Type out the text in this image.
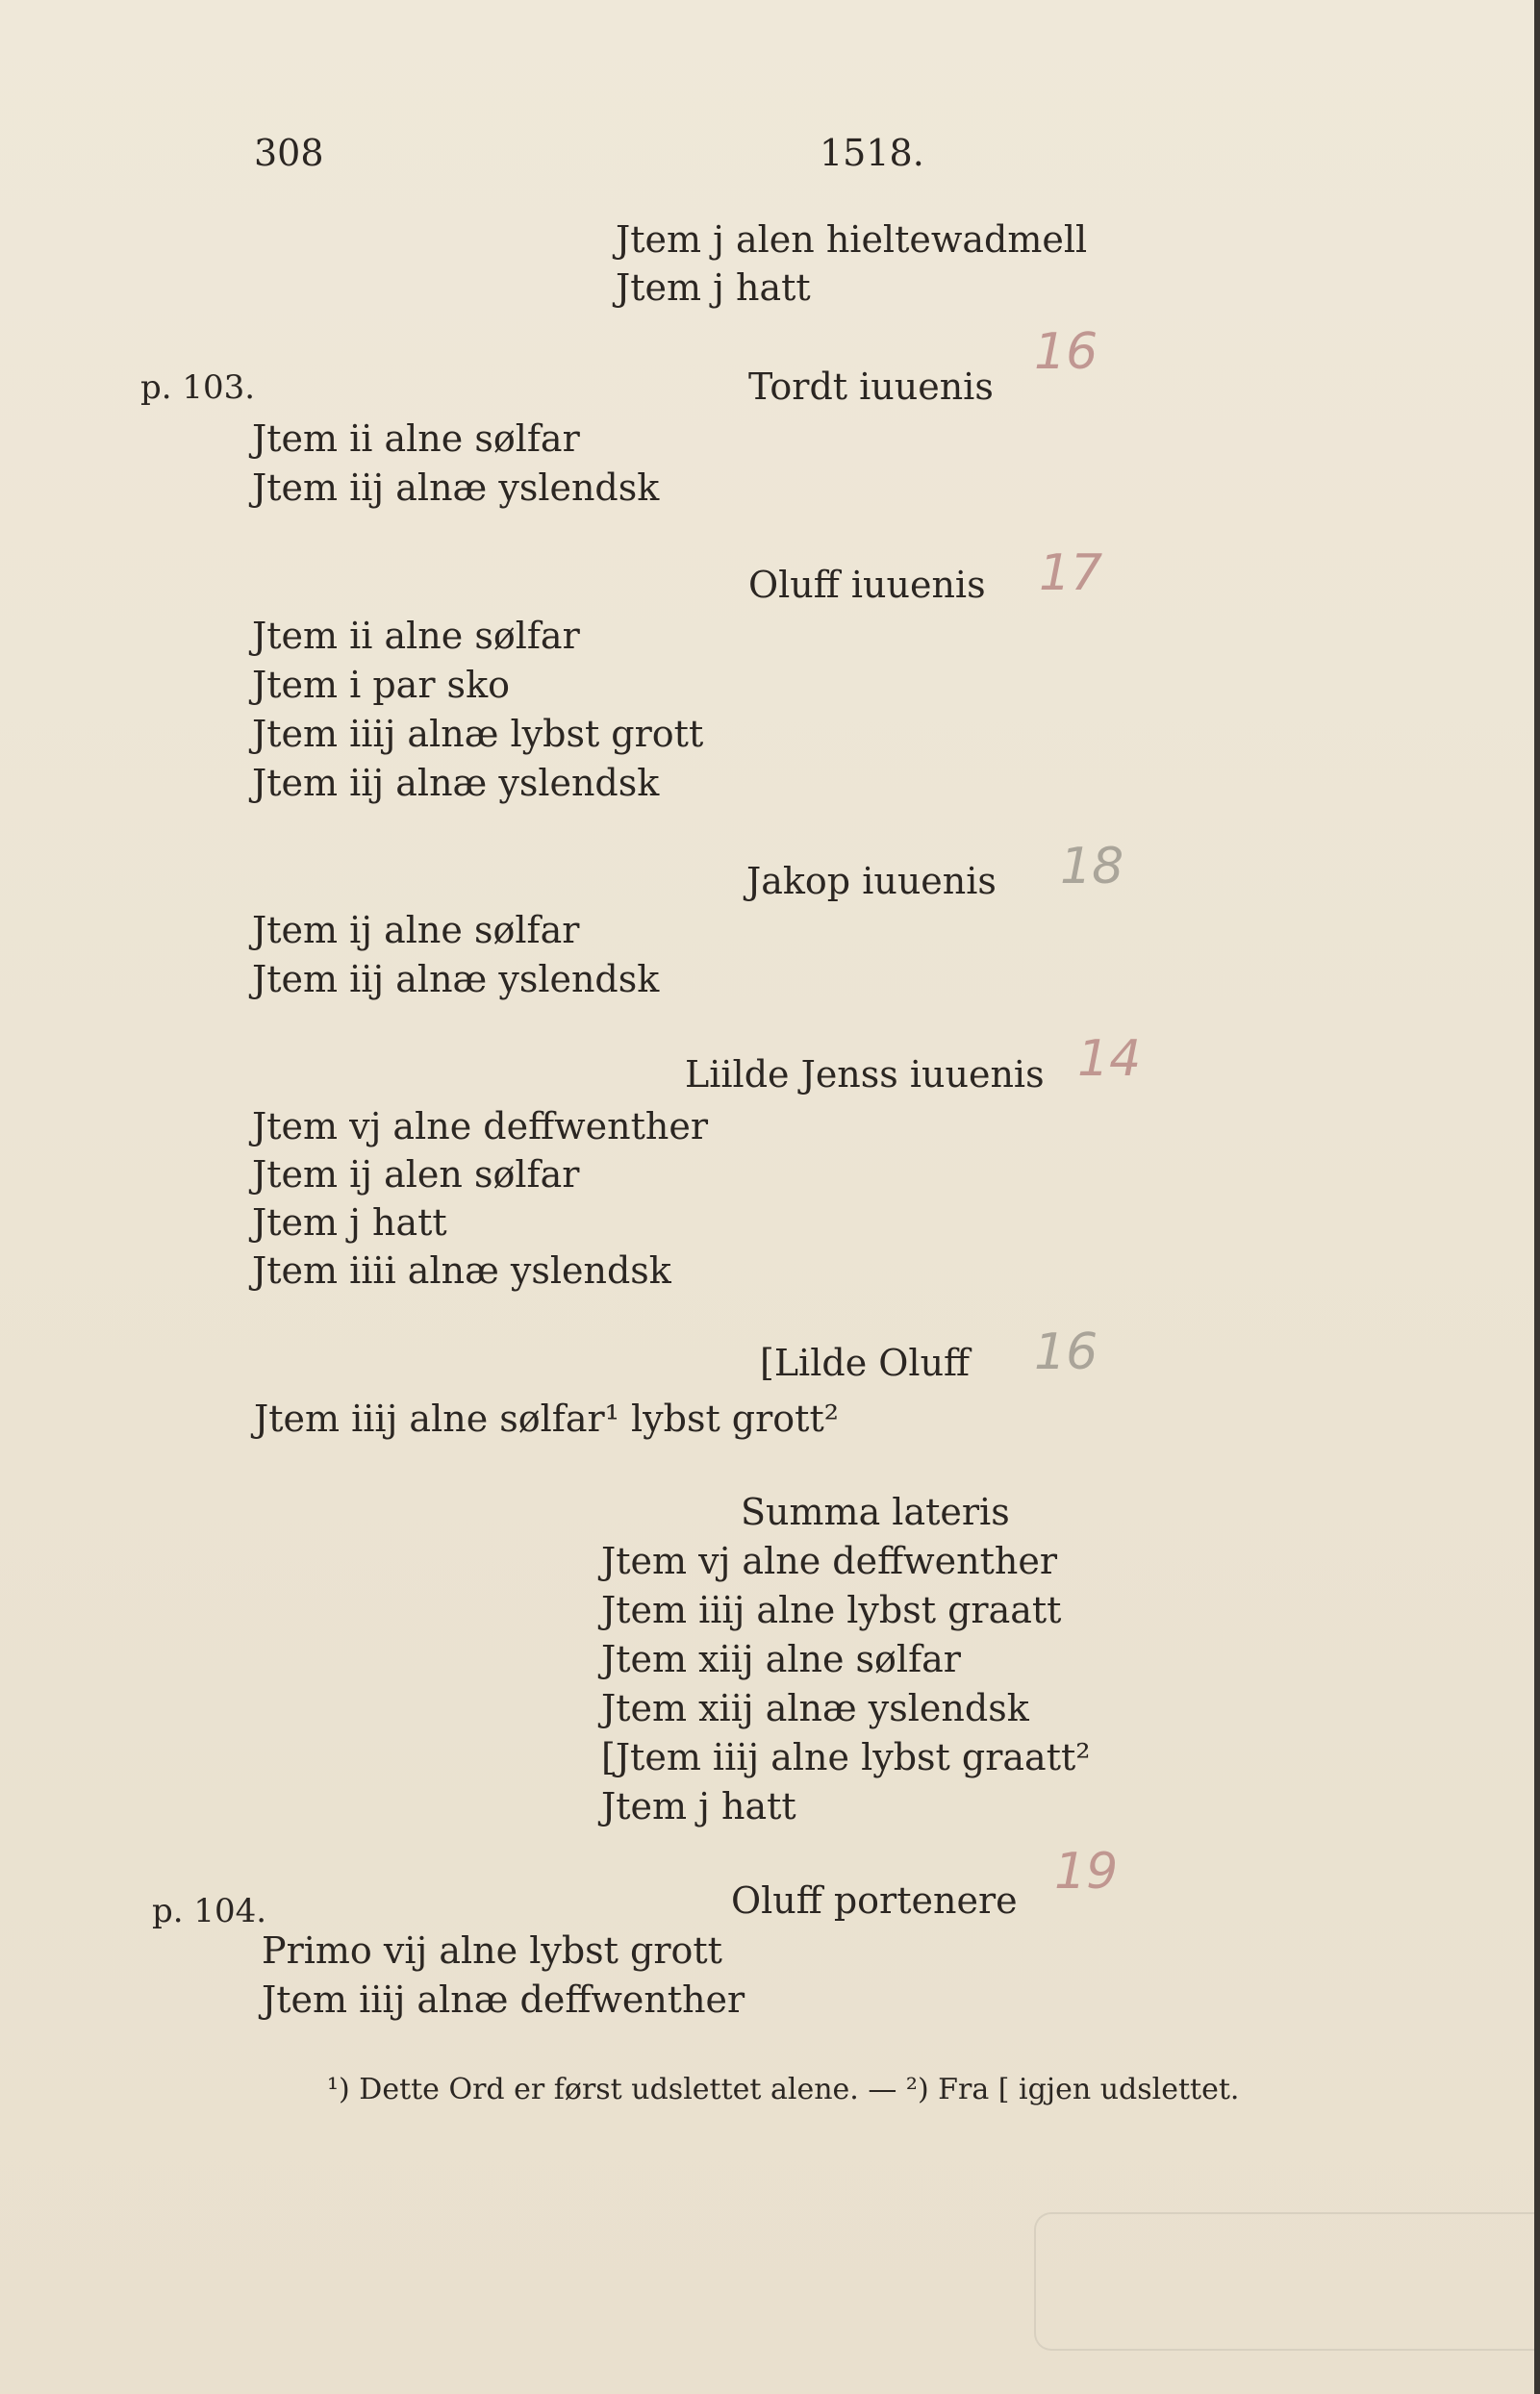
308	1518.
Jtem j alen hieltewadmell
Jtem j hatt
p. 103.	Tordt iuuenis
16
Jtem ii alne sølfar
Jtem iij alnæ yslendsk
Oluff iuuenis 17
Jtem ii alne sølfar
Jtem i par sko
Jtem iiij alnæ lybst grott
Jtem iij alnæ yslendsk
Jakop iuuenis 18
Jtem ij alne sølfar
Jtem iij alnæ yslendsk
Liilde Jenss iuuenis 14
Jtem vj alne deffwenther
Jtem ij alen sølfar
Jtem j hatt
Jtem iiii alnæ yslendsk
[Lilde Oluff 16
Jtem iiij alne sølfar¹ lybst grott²
Summa lateris
Jtem vj alne deffwenther
Jtem iiij alne lybst graatt
Jtem xiij alne sølfar
Jtem xiij alnæ yslendsk
[Jtem iiij alne lybst graatt²
Jtem j hatt
p. 104.	Oluff portenere 19
Primo vij alne lybst grott
Jtem iiij alnæ deffwenther
¹) Dette Ord er først udslettet alene. — ²) Fra [ igjen udslettet.
